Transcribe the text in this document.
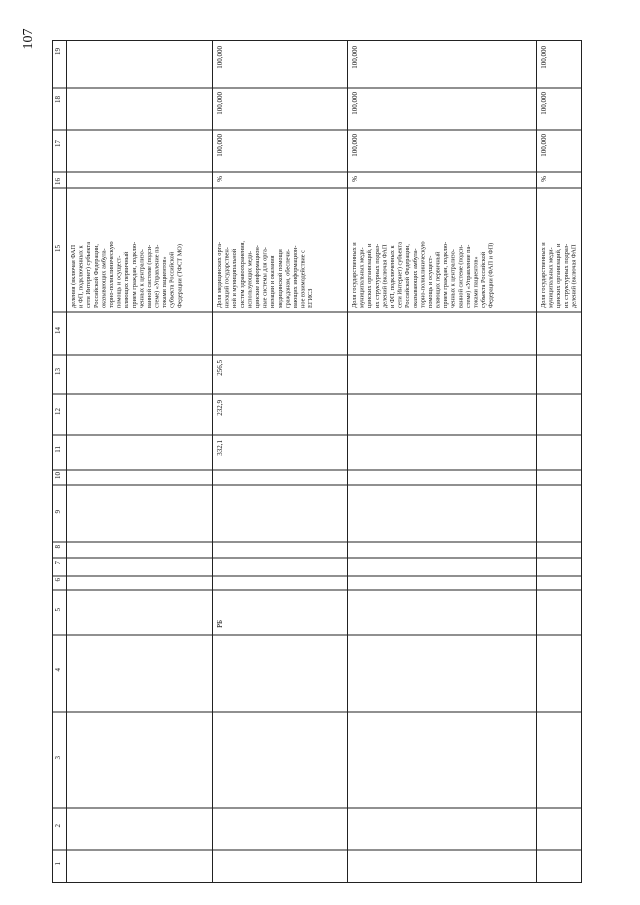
107
19
18
17
16
15
14
13
12
11
10
9
8
7
6
5
4
3
2
1
деления (включая ФАП
и ФП, подключенных к
сети Интернет) субъекта
Российской Федерации,
оказывающих амбула-
торно-поликлиническую
помощь и осущест-
вляющих первичный
прием граждан, подклю-
ченных к централизо-
ванной системе (подси-
стеме) «Управление па-
токами пациентов»
субъекта Российской
Федерации (ТФСТ МО)
Доля медицинских орга-
низаций государствен-
ной и муниципальной
систем здравоохранения,
использующих меди-
цинские информацион-
ные системы для орга-
низации и оказания
медицинской помощи
гражданам, обеспечи-
вающих информацион-
ное взаимодействие с
ЕГИСЗ
%
100,000
100,000
100,000
256,5
232,9
332,1
РБ
Доля государственных и
муниципальных меди-
цинских организаций, и
их структурных подраз-
делений (включая ФАП
и ФП, подключенных к
сети Интернет) субъекта
Российской Федерации,
оказывающих амбула-
торно-поликлиническую
помощь и осущест-
вляющих первичный
прием граждан, подклю-
ченных к централизо-
ванной системе (подси-
стеме) «Управление па-
токами пациентов»
субъекта Российской
Федерации (ФАП и ФП)
%
100,000
100,000
100,000
Доля государственных и
муниципальных меди-
цинских организаций, и
их структурных подраз-
делений (включая ФАП
%
100,000
100,000
100,000
